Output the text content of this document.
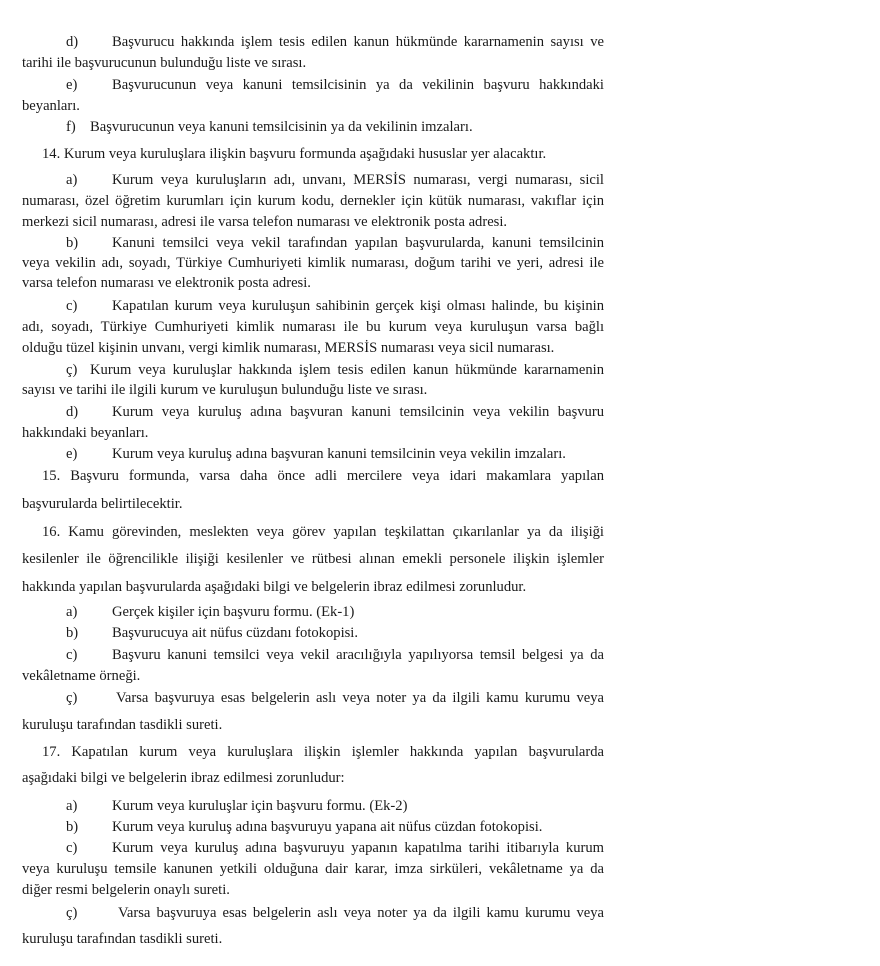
d) Başvurucu hakkında işlem tesis edilen kanun hükmünde kararnamenin sayısı ve
tarihi ile başvurucunun bulunduğu liste ve sırası.
e) Başvurucunun veya kanuni temsilcisinin ya da vekilinin başvuru hakkındaki
beyanları.
f) Başvurucunun veya kanuni temsilcisinin ya da vekilinin imzaları.
14. Kurum veya kuruluşlara ilişkin başvuru formunda aşağıdaki hususlar yer alacaktır.
a) Kurum veya kuruluşların adı, unvanı, MERSİS numarası, vergi numarası, sicil
numarası, özel öğretim kurumları için kurum kodu, dernekler için kütük numarası, vakıflar için
merkezi sicil numarası, adresi ile varsa telefon numarası ve elektronik posta adresi.
b) Kanuni temsilci veya vekil tarafından yapılan başvurularda, kanuni temsilcinin
veya vekilin adı, soyadı, Türkiye Cumhuriyeti kimlik numarası, doğum tarihi ve yeri, adresi ile
varsa telefon numarası ve elektronik posta adresi.
c) Kapatılan kurum veya kuruluşun sahibinin gerçek kişi olması halinde, bu kişinin
adı, soyadı, Türkiye Cumhuriyeti kimlik numarası ile bu kurum veya kuruluşun varsa bağlı
olduğu tüzel kişinin unvanı, vergi kimlik numarası, MERSİS numarası veya sicil numarası.
ç) Kurum veya kuruluşlar hakkında işlem tesis edilen kanun hükmünde kararnamenin
sayısı ve tarihi ile ilgili kurum ve kuruluşun bulunduğu liste ve sırası.
d) Kurum veya kuruluş adına başvuran kanuni temsilcinin veya vekilin başvuru
hakkındaki beyanları.
e) Kurum veya kuruluş adına başvuran kanuni temsilcinin veya vekilin imzaları.
15. Başvuru formunda, varsa daha önce adli mercilere veya idari makamlara yapılan
başvurularda belirtilecektir.
16. Kamu görevinden, meslekten veya görev yapılan teşkilattan çıkarılanlar ya da ilişiği
kesilenler ile öğrencilikle ilişiği kesilenler ve rütbesi alınan emekli personele ilişkin işlemler
hakkında yapılan başvurularda aşağıdaki bilgi ve belgelerin ibraz edilmesi zorunludur.
a) Gerçek kişiler için başvuru formu. (Ek-1)
b) Başvurucuya ait nüfus cüzdanı fotokopisi.
c) Başvuru kanuni temsilci veya vekil aracılığıyla yapılıyorsa temsil belgesi ya da
vekâletname örneği.
ç)	Varsa başvuruya esas belgelerin aslı veya noter ya da ilgili kamu kurumu veya
kuruluşu tarafından tasdikli sureti.
17. Kapatılan kurum veya kuruluşlara ilişkin işlemler hakkında yapılan başvurularda
aşağıdaki bilgi ve belgelerin ibraz edilmesi zorunludur:
a) Kurum veya kuruluşlar için başvuru formu. (Ek-2)
b) Kurum veya kuruluş adına başvuruyu yapana ait nüfus cüzdan fotokopisi.
c) Kurum veya kuruluş adına başvuruyu yapanın kapatılma tarihi itibarıyla kurum
veya kuruluşu temsile kanunen yetkili olduğuna dair karar, imza sirküleri, vekâletname ya da
diğer resmi belgelerin onaylı sureti.
ç)	Varsa başvuruya esas belgelerin aslı veya noter ya da ilgili kamu kurumu veya
kuruluşu tarafından tasdikli sureti.
